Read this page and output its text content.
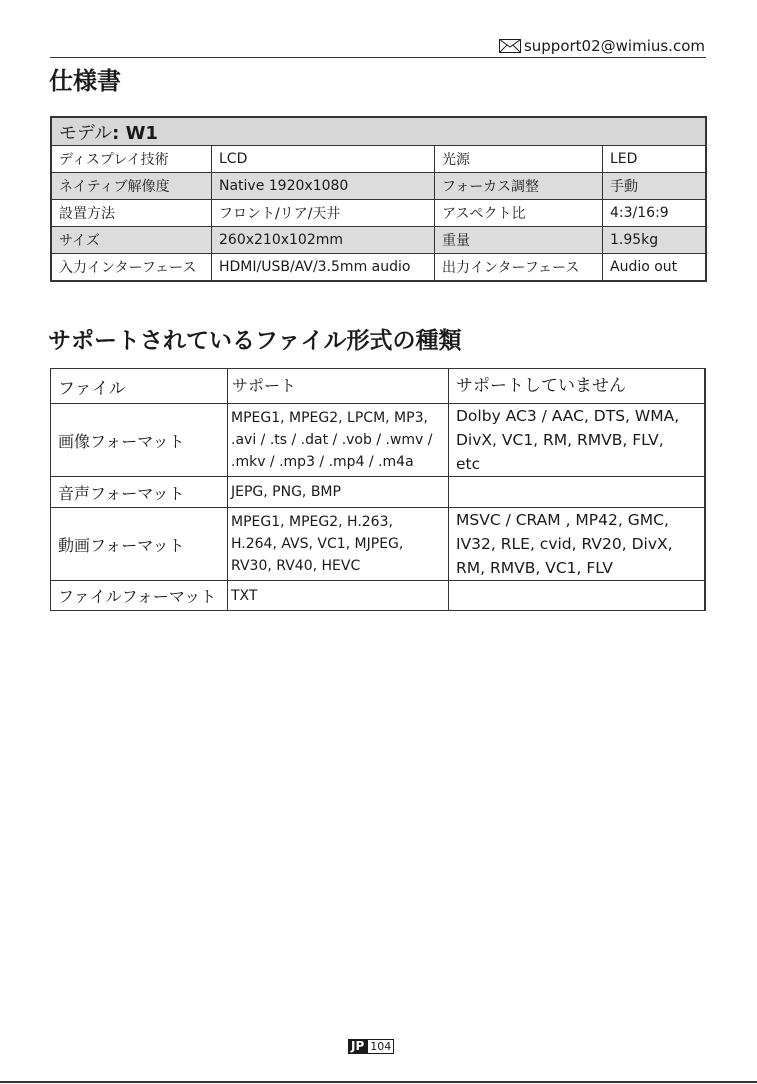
support02@wimius.com
仕様書
モデル: W1			
ディスプレイ技術	LCD	光源	LED
ネイティブ解像度	Native 1920x1080	フォーカス調整	手動
設置方法	フロント/リア/天井	アスペクト比	4:3/16:9
サイズ	260x210x102mm	重量	1.95kg
入力インターフェース	HDMI/USB/AV/3.5mm audio	出力インターフェース	Audio out
サポートされているファイル形式の種類
ファイル	サポート	サポートしていません
画像フォーマット	MPEG1, MPEG2, LPCM, MP3,
.avi / .ts / .dat / .vob / .wmv /
.mkv / .mp3 / .mp4 / .m4a	Dolby AC3 / AAC, DTS, WMA,
DivX, VC1, RM, RMVB, FLV,
etc

音声フォーマット	JEPG, PNG, BMP	

動画フォーマット	MPEG1, MPEG2, H.263,
H.264, AVS, VC1, MJPEG,
RV30, RV40, HEVC	MSVC / CRAM , MP42, GMC,
IV32, RLE, cvid, RV20, DivX,
RM, RMVB, VC1, FLV

ファイルフォーマット	TXT	

JP 104
